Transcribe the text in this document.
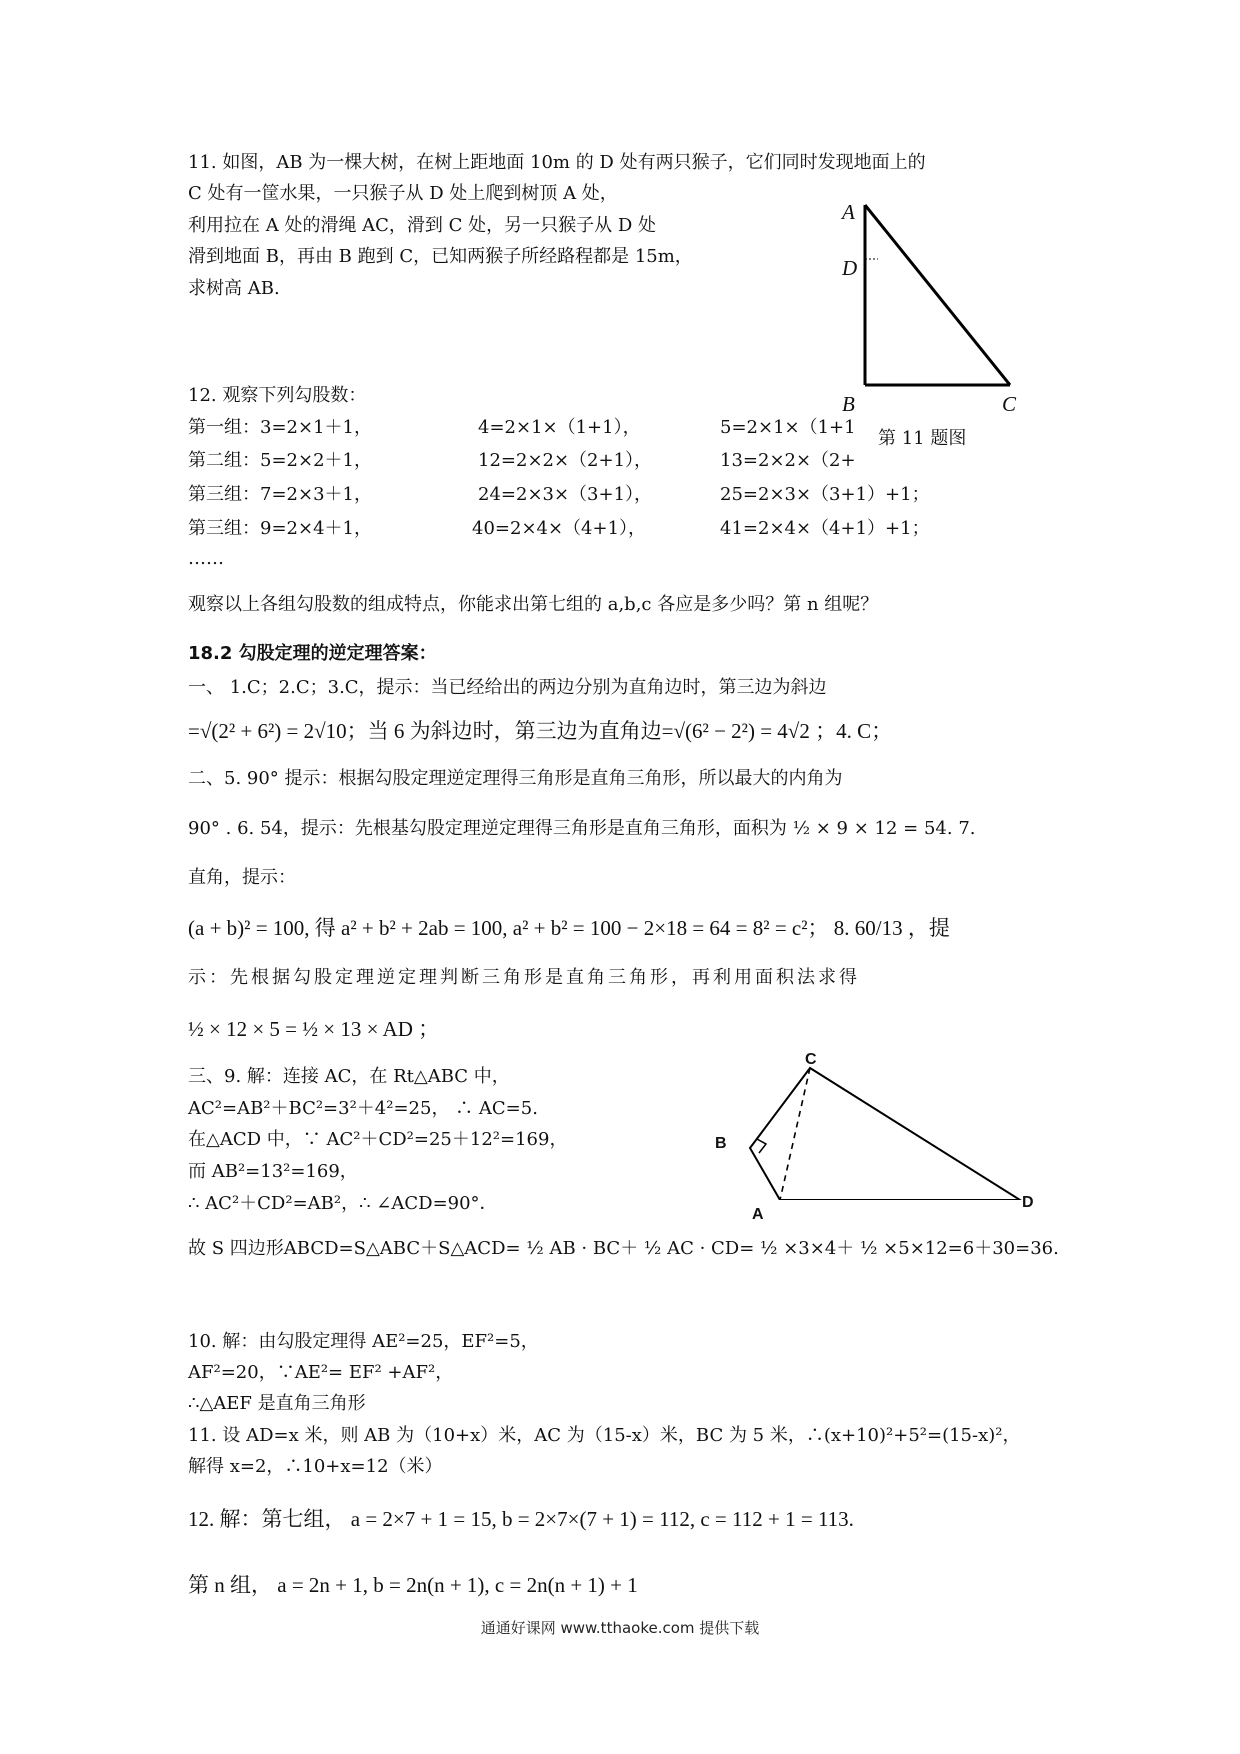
11. 如图，AB 为一棵大树，在树上距地面 10m 的 D 处有两只猴子，它们同时发现地面上的
C 处有一筐水果，一只猴子从 D 处上爬到树顶 A 处，
利用拉在 A 处的滑绳 AC，滑到 C 处，另一只猴子从 D 处
滑到地面 B，再由 B 跑到 C，已知两猴子所经路程都是 15m，
求树高 AB.
A
D
B	C
12. 观察下列勾股数：
第一组：3=2×1＋1，	4=2×1×（1+1），	5=2×1×（1+1
第 11 题图
第二组：5=2×2＋1，	12=2×2×（2+1），	13=2×2×（2+
第三组：7=2×3＋1，	24=2×3×（3+1），	25=2×3×（3+1）+1；
第三组：9=2×4＋1，	40=2×4×（4+1），	41=2×4×（4+1）+1；
……
观察以上各组勾股数的组成特点，你能求出第七组的 a,b,c 各应是多少吗？第 n 组呢？
18.2 勾股定理的逆定理答案：
一、 1.C；2.C；3.C，提示：当已经给出的两边分别为直角边时，第三边为斜边
=√(2² + 6²) = 2√10；当 6 为斜边时，第三边为直角边=√(6² − 2²) = 4√2 ；4. C；
二、5. 90° 提示：根据勾股定理逆定理得三角形是直角三角形，所以最大的内角为
90° . 6. 54，提示：先根基勾股定理逆定理得三角形是直角三角形，面积为 ½ × 9 × 12 = 54. 7.
直角，提示：
(a + b)² = 100, 得 a² + b² + 2ab = 100, a² + b² = 100 − 2×18 = 64 = 8² = c²； 8. 60/13 ，提
示：先根据勾股定理逆定理判断三角形是直角三角形，再利用面积法求得
½ × 12 × 5 = ½ × 13 × AD ；
三、9. 解：连接 AC，在 Rt△ABC 中，
AC²=AB²＋BC²=3²＋4²=25， ∴ AC=5.
在△ACD 中，∵ AC²＋CD²=25＋12²=169，
而 AB²=13²=169，
∴ AC²＋CD²=AB²，∴ ∠ACD=90°．
故 S 四边形ABCD=S△ABC＋S△ACD= ½ AB · BC＋ ½ AC · CD= ½ ×3×4＋ ½ ×5×12=6＋30=36.
C
B
A
D
10. 解：由勾股定理得 AE²=25，EF²=5，
AF²=20，∵AE²= EF² +AF²，
∴△AEF 是直角三角形
11. 设 AD=x 米，则 AB 为（10+x）米，AC 为（15-x）米，BC 为 5 米，∴(x+10)²+5²=(15-x)²，
解得 x=2，∴10+x=12（米）
12. 解：第七组， a = 2×7 + 1 = 15, b = 2×7×(7 + 1) = 112, c = 112 + 1 = 113.
第 n 组， a = 2n + 1, b = 2n(n + 1), c = 2n(n + 1) + 1
通通好课网 www.tthaoke.com 提供下载
